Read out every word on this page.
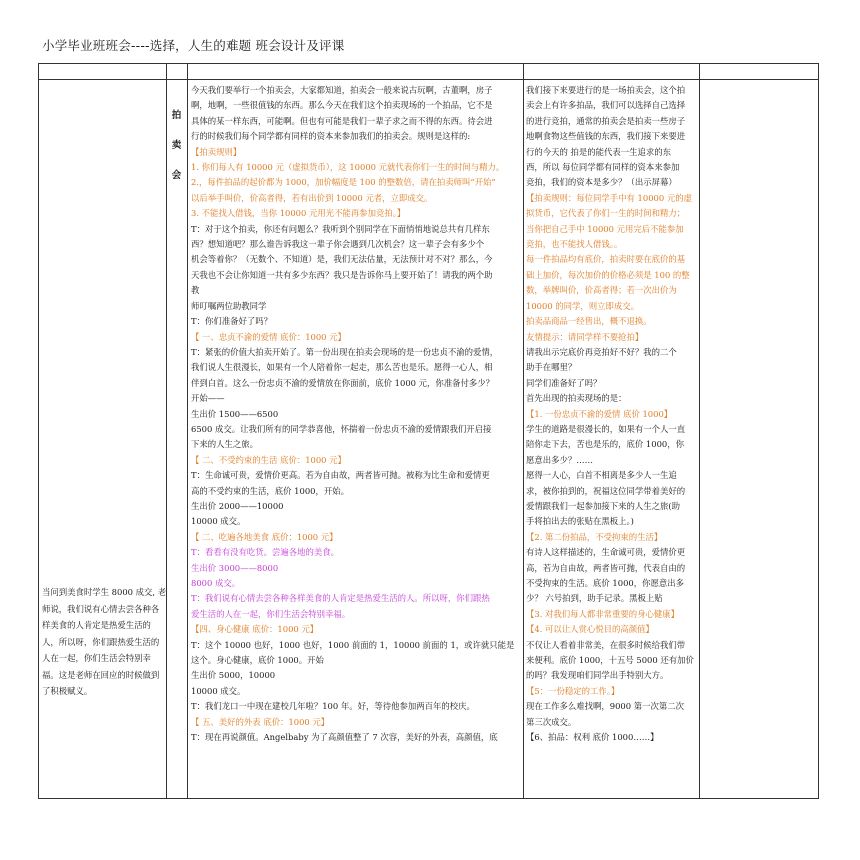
小学毕业班班会----选择，人生的难题 班会设计及评课
当问到美食时学生 8000 成交, 老师说，我们说有心情去尝各种各样美食的人肯定是热爱生活的人，所以呀，你们跟热爱生活的人在一起，你们生活会特别幸福。这是老师在回应的时候做到了积极赋义。
拍
卖
会
今天我们要举行一个拍卖会，大家都知道，拍卖会一般来说古玩啊，古董啊，房子
啊，地啊，一些很值钱的东西。那么今天在我们这个拍卖现场的一个拍品，它不是
具体的某一样东西，可能啊。但也有可能是我们一辈子求之而不得的东西。待会进
行的时候我们每个同学都有同样的资本来参加我们的拍卖会。规则是这样的:
【拍卖规则】
1. 你们每人有 10000 元（虚拟货币），这 10000 元就代表你们一生的时间与精力。
2.，每件拍品的起价都为 1000，加价幅度是 100 的整数倍，请在拍卖师叫“开始”
以后举手叫价，价高者得，若有出价到 10000 元者，立即成交。
3. 不能找人借钱，当你 10000 元用光不能再参加竞拍。】
T：对于这个拍卖，你还有问题么？我听到个别同学在下面悄悄地说总共有几样东
西？想知道吧？那么谁告诉我这一辈子你会遇到几次机会？这一辈子会有多少个
机会等着你？（无数个、不知道）是，我们无法估量，无法预计对不对？那么，今
天我也不会让你知道一共有多少东西？我只是告诉你马上要开始了！请我的两个助
教
师叮嘱两位助教同学
T：你们准备好了吗？
【 一、忠贞不渝的爱情 底价：1000 元】
T：紧张的价值大拍卖开始了。第一份出现在拍卖会现场的是一份忠贞不渝的爱情，
我们说人生很漫长，如果有一个人陪着你一起走，那么苦也是乐。愿得一心人，相
伴到白首。这么一份忠贞不渝的爱情放在你面前，底价 1000 元，你准备付多少？
开始——
生出价 1500——6500
6500 成交。让我们所有的同学恭喜他，怀揣着一份忠贞不渝的爱情跟我们开启接
下来的人生之旅。
【 二、不受约束的生活 底价：1000 元】
T：生命诚可贵，爱情价更高。若为自由故，两者皆可抛。被称为比生命和爱情更
高的不受约束的生活，底价 1000，开始。
生出价 2000——10000
10000 成交。
【 二、吃遍各地美食 底价：1000 元】
T：看看有没有吃货。尝遍各地的美食。
生出价 3000——8000
8000 成交。
T：我们说有心情去尝各种各样美食的人肯定是热爱生活的人。所以呀，你们跟热
爱生活的人在一起，你们生活会特别幸福。
【四、身心健康 底价：1000 元】
T：这个 10000 也好，1000 也好，1000 前面的 1，10000 前面的 1，或许就只能是
这个。身心健康，底价 1000。开始
生出价 5000，10000
10000 成交。
T：我们龙口一中现在建校几年啦？100 年。好，等待他参加两百年的校庆。
【 五、美好的外表 底价：1000 元】
T：现在再说颜值。Angelbaby 为了高颜值整了 7 次容，美好的外表，高颜值，底
我们接下来要进行的是一场拍卖会，这个拍
卖会上有许多拍品，我们可以选择自己选择
的进行竞拍，通常的拍卖会是拍卖一些房子
地啊食物这些值钱的东西，我们接下来要进
行的今天的 拍是的能代表一生追求的东
西，所以 每位同学都有同样的资本来参加
竞拍，我们的资本是多少？（出示屏幕）
【拍卖规则：每位同学手中有 10000 元的虚
拟货币，它代表了你们一生的时间和精力；
当你把自己手中 10000 元用完后不能参加
竞拍，也不能找人借钱。。
每一件拍品均有底价，拍卖时要在底价的基
础上加价，每次加价的价格必须是 100 的整
数，举牌叫价，价高者得；若一次出价为
10000 的同学，则立即成交。
拍卖品商品一经售出，概不退换。
友情提示：请同学样不要抢拍】
请我出示完底价再竞拍好不好？我的二个
助手在哪里？
同学们准备好了吗？
首先出现的拍卖现场的是：
【1. 一份忠贞不渝的爱情 底价 1000】
学生的道路是很漫长的，如果有一个人一直
陪你走下去，苦也是乐的，底价 1000，你
愿意出多少？……
愿得一人心，白首不相离是多少人一生追
求，被你拍到的，祝福这位同学带着美好的
爱情跟我们一起参加接下来的人生之旅(助
手将拍出去的张贴在黑板上。)
【2. 第二份拍品，不受拘束的生活】
有诗人这样描述的，生命诚可贵，爱情价更
高，若为自由故，两者皆可抛，代表自由的
不受拘束的生活。底价 1000，你愿意出多
少？ 六号拍到，助手记录。黑板上贴
【3. 对我们每人都非常重要的身心健康】
【4. 可以让人赏心悦目的高颜值】
不仅让人看着非常美，在很多时候给我们带
来便利。底价 1000，十五号 5000 还有加价
的吗？我发现咱们同学出手特别大方。
【5：一份稳定的工作。】
现在工作多么难找啊，9000 第一次第二次
第三次成交。
【6、拍品：权利 底价 1000……】
